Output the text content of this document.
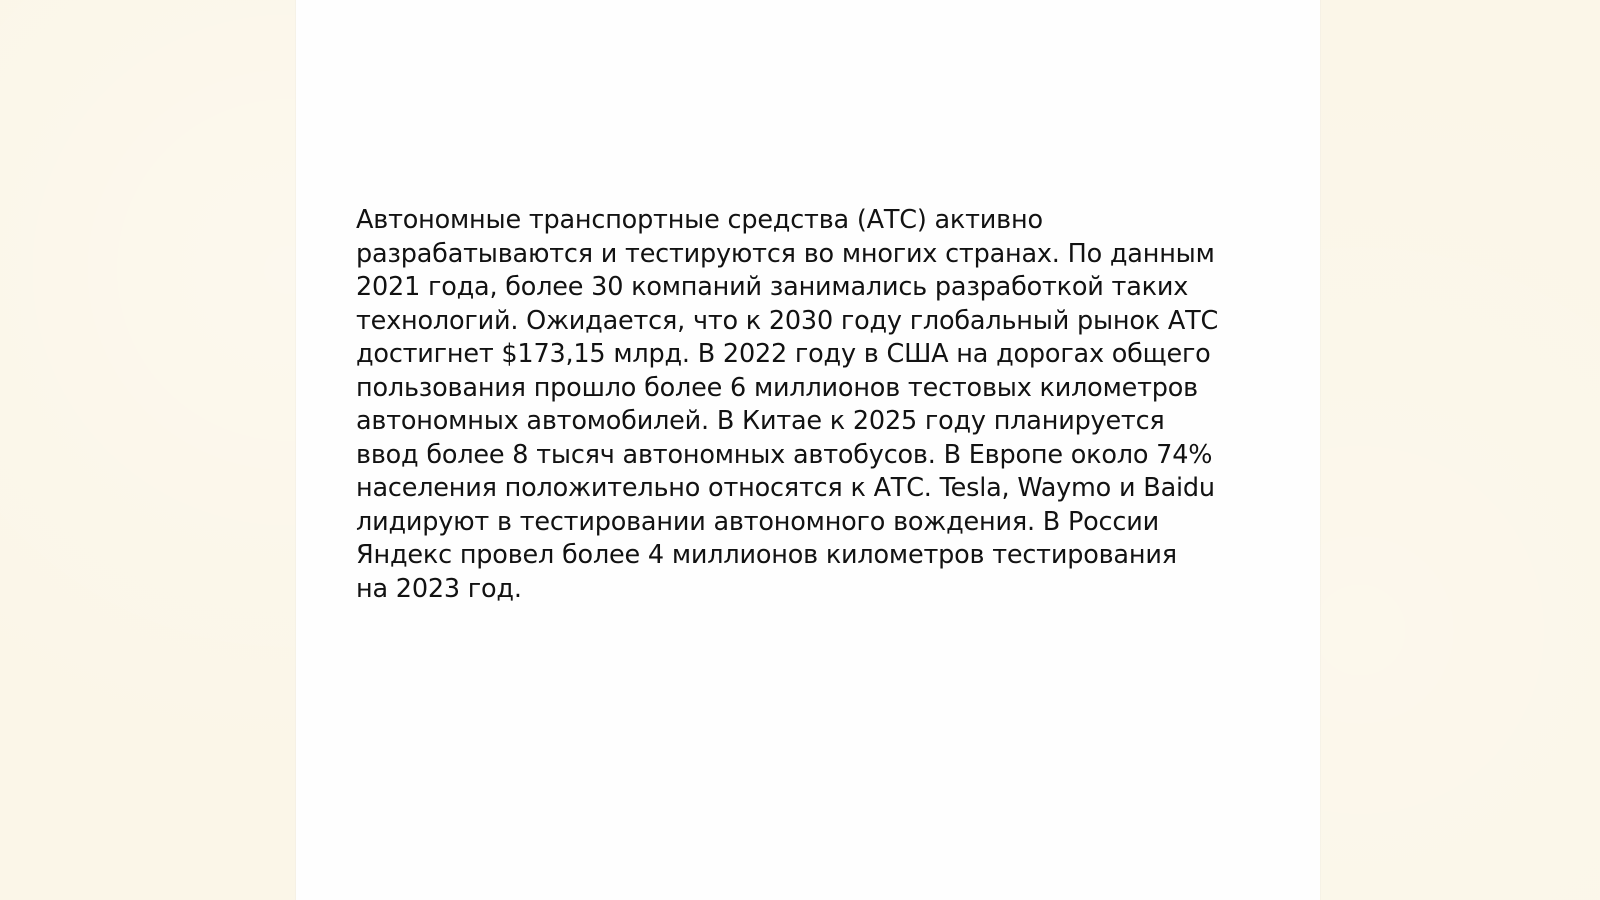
Автономные транспортные средства (АТС) активно
разрабатываются и тестируются во многих странах. По данным
2021 года, более 30 компаний занимались разработкой таких
технологий. Ожидается, что к 2030 году глобальный рынок АТС
достигнет $173,15 млрд. В 2022 году в США на дорогах общего
пользования прошло более 6 миллионов тестовых километров
автономных автомобилей. В Китае к 2025 году планируется
ввод более 8 тысяч автономных автобусов. В Европе около 74%
населения положительно относятся к АТС. Tesla, Waymo и Baidu
лидируют в тестировании автономного вождения. В России
Яндекс провел более 4 миллионов километров тестирования
на 2023 год.
